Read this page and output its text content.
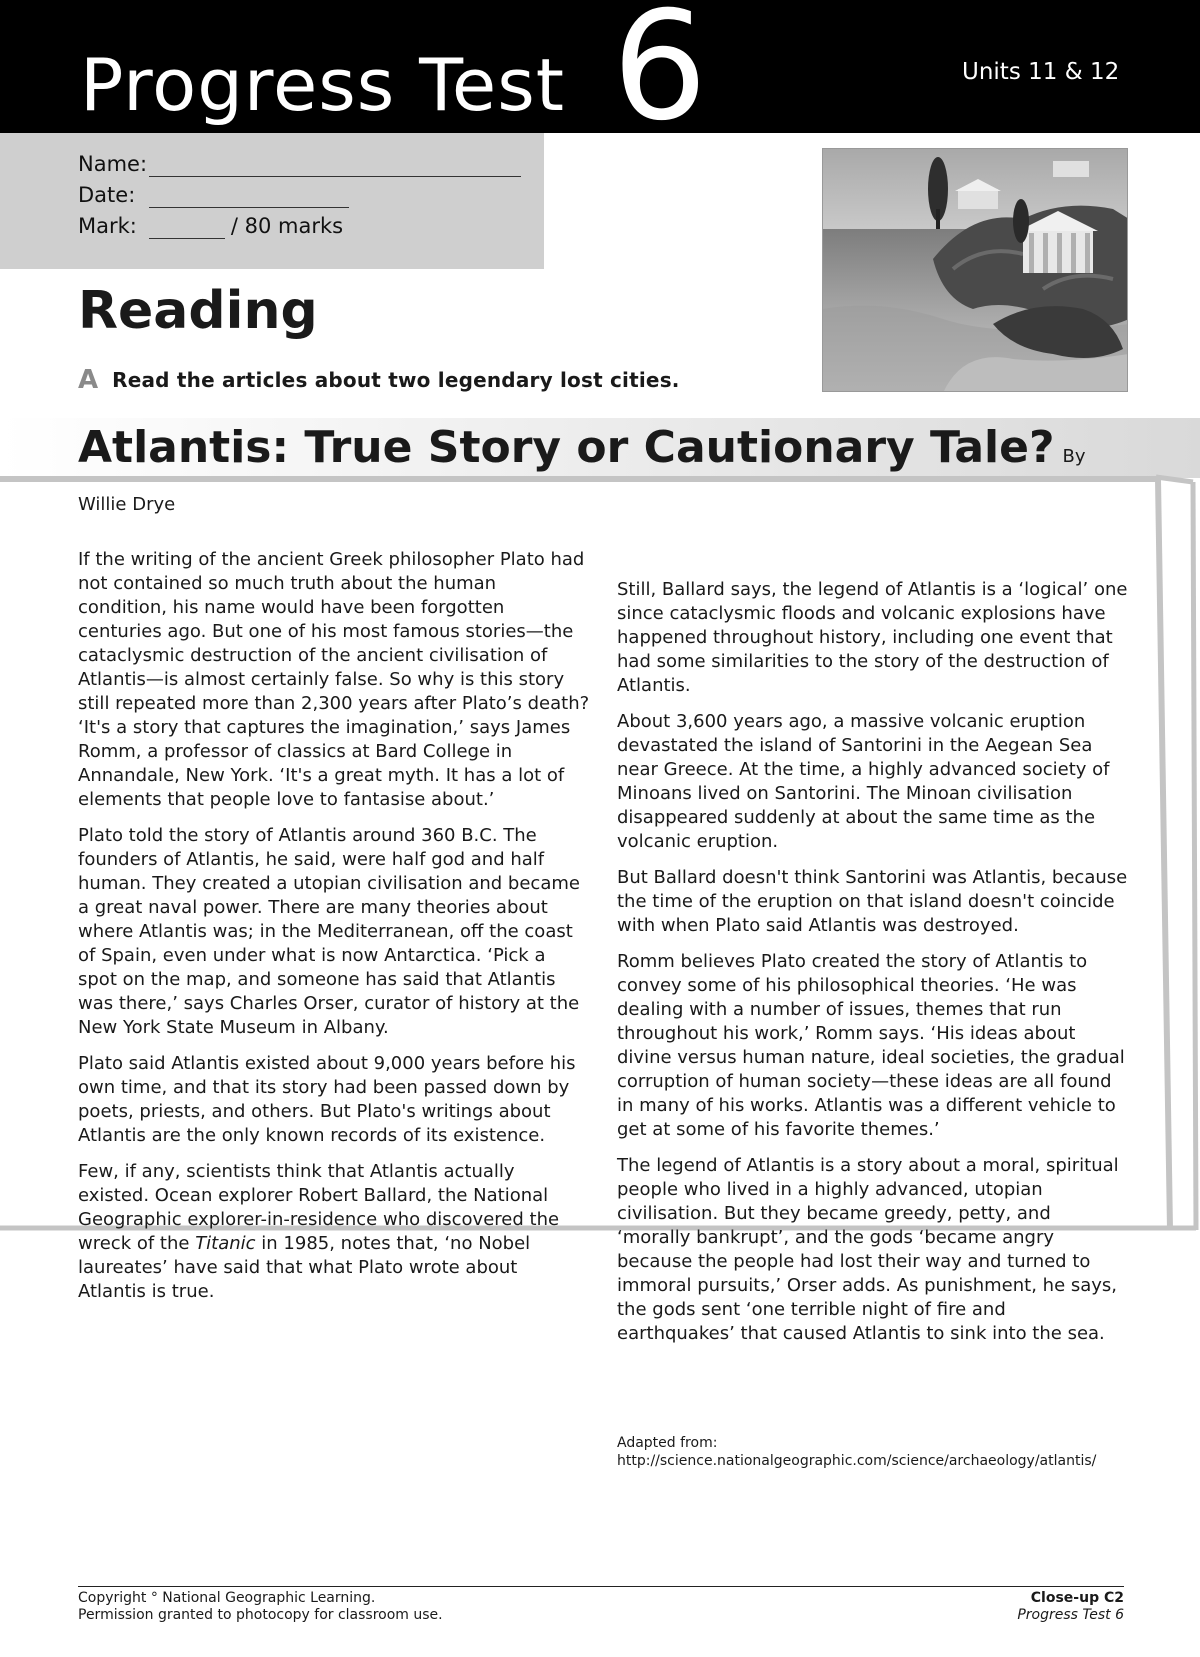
Progress Test 6	Units 11 & 12
Name:
Date:
Mark:	/ 80 marks
Reading
A Read the articles about two legendary lost cities.
Atlantis: True Story or Cautionary Tale? By
Willie Drye

If the writing of the ancient Greek philosopher Plato had not contained so much truth about the human condition, his name would have been forgotten centuries ago. But one of his most famous stories—the cataclysmic destruction of the ancient civilisation of Atlantis—is almost certainly false. So why is this story still repeated more than 2,300 years after Plato’s death? ‘It's a story that captures the imagination,’ says James Romm, a professor of classics at Bard College in Annandale, New York. ‘It's a great myth. It has a lot of elements that people love to fantasise about.’

Plato told the story of Atlantis around 360 B.C. The founders of Atlantis, he said, were half god and half human. They created a utopian civilisation and became a great naval power. There are many theories about where Atlantis was; in the Mediterranean, off the coast of Spain, even under what is now Antarctica. ‘Pick a spot on the map, and someone has said that Atlantis was there,’ says Charles Orser, curator of history at the New York State Museum in Albany.

Plato said Atlantis existed about 9,000 years before his own time, and that its story had been passed down by poets, priests, and others. But Plato's writings about Atlantis are the only known records of its existence.

Few, if any, scientists think that Atlantis actually existed. Ocean explorer Robert Ballard, the National Geographic explorer-in-residence who discovered the wreck of the Titanic in 1985, notes that, ‘no Nobel laureates’ have said that what Plato wrote about Atlantis is true.

Still, Ballard says, the legend of Atlantis is a ‘logical’ one since cataclysmic floods and volcanic explosions have happened throughout history, including one event that had some similarities to the story of the destruction of Atlantis.

About 3,600 years ago, a massive volcanic eruption devastated the island of Santorini in the Aegean Sea near Greece. At the time, a highly advanced society of Minoans lived on Santorini. The Minoan civilisation disappeared suddenly at about the same time as the volcanic eruption.

But Ballard doesn't think Santorini was Atlantis, because the time of the eruption on that island doesn't coincide with when Plato said Atlantis was destroyed.

Romm believes Plato created the story of Atlantis to convey some of his philosophical theories. ‘He was dealing with a number of issues, themes that run throughout his work,’ Romm says. ‘His ideas about divine versus human nature, ideal societies, the gradual corruption of human society—these ideas are all found in many of his works. Atlantis was a different vehicle to get at some of his favorite themes.’

The legend of Atlantis is a story about a moral, spiritual people who lived in a highly advanced, utopian civilisation. But they became greedy, petty, and ‘morally bankrupt’, and the gods ‘became angry because the people had lost their way and turned to immoral pursuits,’ Orser adds. As punishment, he says, the gods sent ‘one terrible night of fire and earthquakes’ that caused Atlantis to sink into the sea.

Adapted from:
http://science.nationalgeographic.com/science/archaeology/atlantis/
Copyright ° National Geographic Learning.
Permission granted to photocopy for classroom use.
Close-up C2
Progress Test 6
